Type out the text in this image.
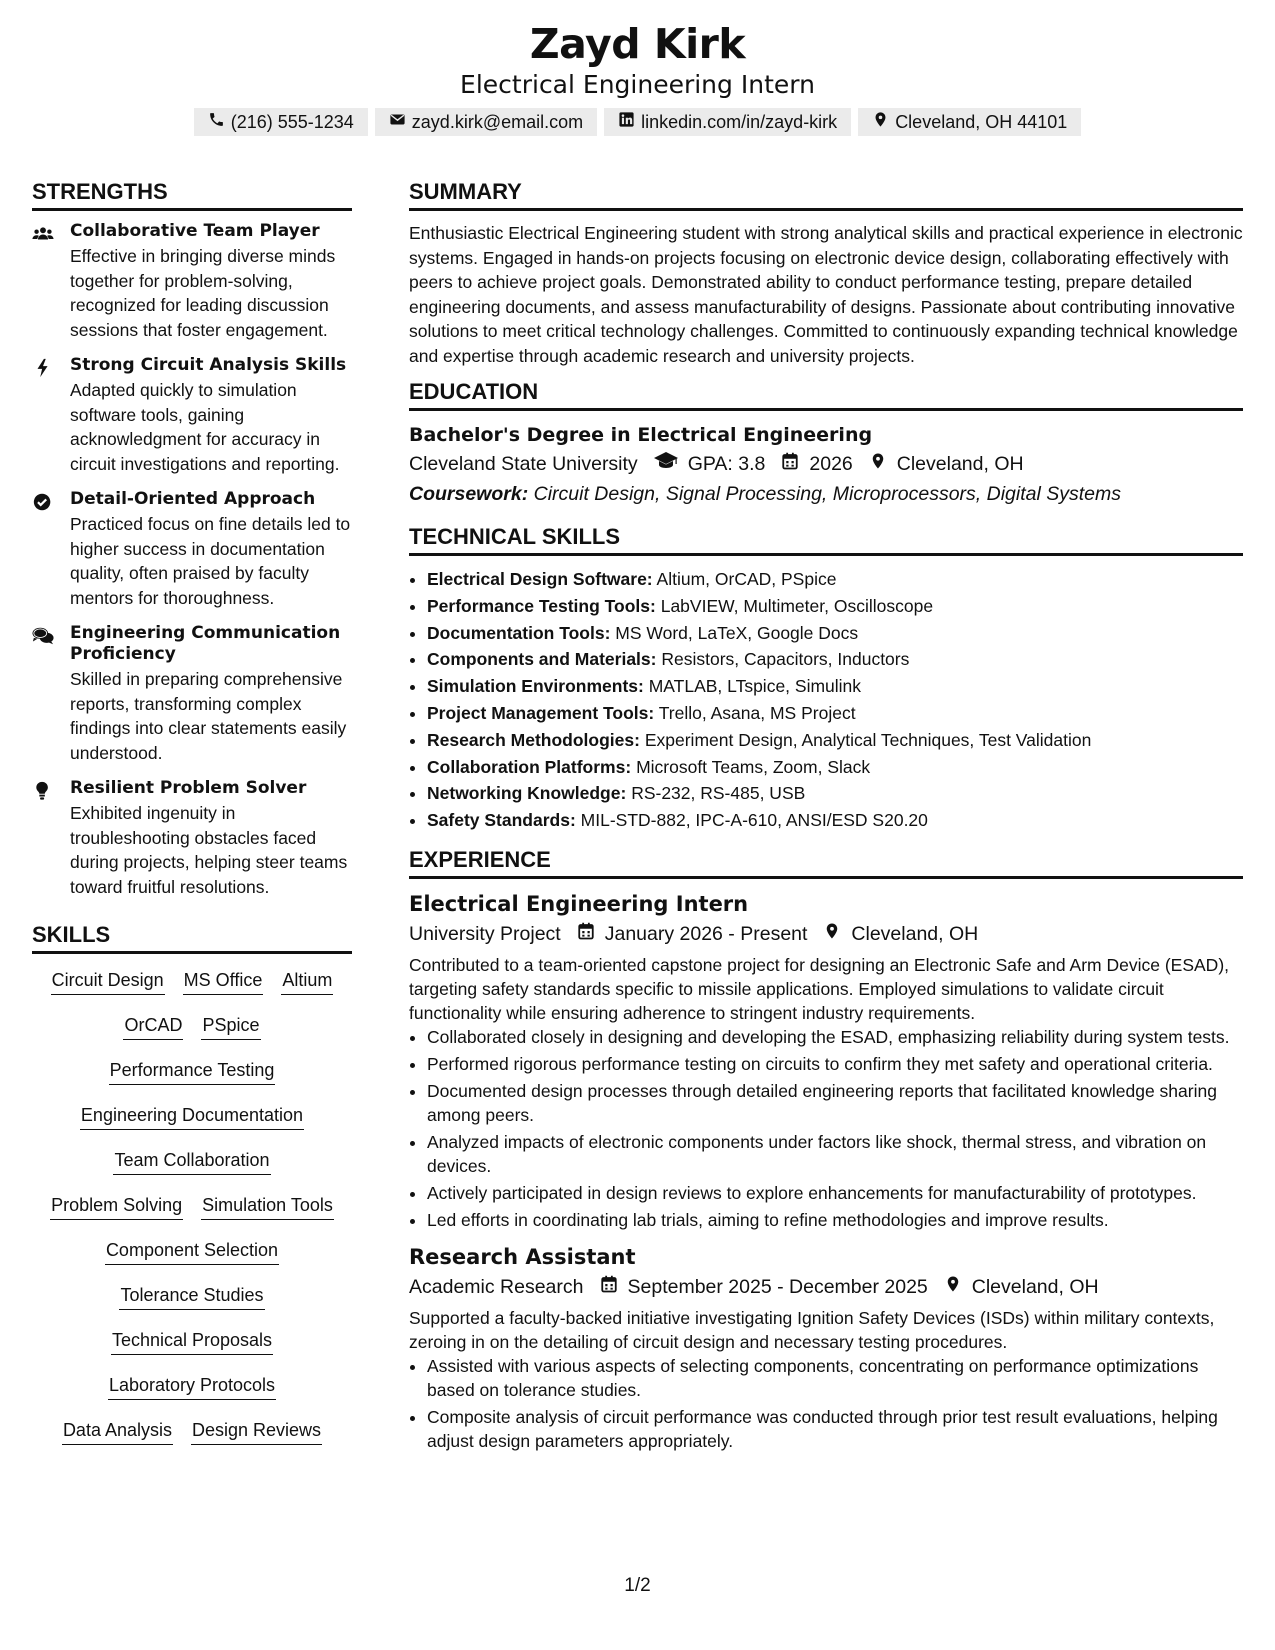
Zayd Kirk
Electrical Engineering Intern
(216) 555-1234	zayd.kirk@email.com	linkedin.com/in/zayd-kirk	Cleveland, OH 44101
STRENGTHS
Collaborative Team Player
Effective in bringing diverse minds together for problem-solving, recognized for leading discussion sessions that foster engagement.
Strong Circuit Analysis Skills
Adapted quickly to simulation software tools, gaining acknowledgment for accuracy in circuit investigations and reporting.
Detail-Oriented Approach
Practiced focus on fine details led to higher success in documentation quality, often praised by faculty mentors for thoroughness.
Engineering Communication Proficiency
Skilled in preparing comprehensive reports, transforming complex findings into clear statements easily understood.
Resilient Problem Solver
Exhibited ingenuity in troubleshooting obstacles faced during projects, helping steer teams toward fruitful resolutions.
SKILLS
Circuit Design MS Office Altium
OrCAD PSpice
Performance Testing
Engineering Documentation
Team Collaboration
Problem Solving Simulation Tools
Component Selection
Tolerance Studies
Technical Proposals
Laboratory Protocols
Data Analysis Design Reviews
SUMMARY

Enthusiastic Electrical Engineering student with strong analytical skills and practical experience in electronic systems. Engaged in hands-on projects focusing on electronic device design, collaborating effectively with peers to achieve project goals. Demonstrated ability to conduct performance testing, prepare detailed engineering documents, and assess manufacturability of designs. Passionate about contributing innovative solutions to meet critical technology challenges. Committed to continuously expanding technical knowledge and expertise through academic research and university projects.

EDUCATION
Bachelor's Degree in Electrical Engineering
Cleveland State University	GPA: 3.8 2026 Cleveland, OH
Coursework: Circuit Design, Signal Processing, Microprocessors, Digital Systems
TECHNICAL SKILLS
• Electrical Design Software: Altium, OrCAD, PSpice
• Performance Testing Tools: LabVIEW, Multimeter, Oscilloscope
• Documentation Tools: MS Word, LaTeX, Google Docs
• Components and Materials: Resistors, Capacitors, Inductors
• Simulation Environments: MATLAB, LTspice, Simulink
• Project Management Tools: Trello, Asana, MS Project
• Research Methodologies: Experiment Design, Analytical Techniques, Test Validation
• Collaboration Platforms: Microsoft Teams, Zoom, Slack
• Networking Knowledge: RS-232, RS-485, USB
• Safety Standards: MIL-STD-882, IPC-A-610, ANSI/ESD S20.20
EXPERIENCE
Electrical Engineering Intern
University Project January 2026 - Present Cleveland, OH
Contributed to a team-oriented capstone project for designing an Electronic Safe and Arm Device (ESAD), targeting safety standards specific to missile applications. Employed simulations to validate circuit functionality while ensuring adherence to stringent industry requirements.
• Collaborated closely in designing and developing the ESAD, emphasizing reliability during system tests.
• Performed rigorous performance testing on circuits to confirm they met safety and operational criteria.
• Documented design processes through detailed engineering reports that facilitated knowledge sharing among peers.
• Analyzed impacts of electronic components under factors like shock, thermal stress, and vibration on devices.
• Actively participated in design reviews to explore enhancements for manufacturability of prototypes.
• Led efforts in coordinating lab trials, aiming to refine methodologies and improve results.
Research Assistant
Academic Research September 2025 - December 2025 Cleveland, OH
Supported a faculty-backed initiative investigating Ignition Safety Devices (ISDs) within military contexts, zeroing in on the detailing of circuit design and necessary testing procedures.
• Assisted with various aspects of selecting components, concentrating on performance optimizations based on tolerance studies.
• Composite analysis of circuit performance was conducted through prior test result evaluations, helping adjust design parameters appropriately.
1/2
